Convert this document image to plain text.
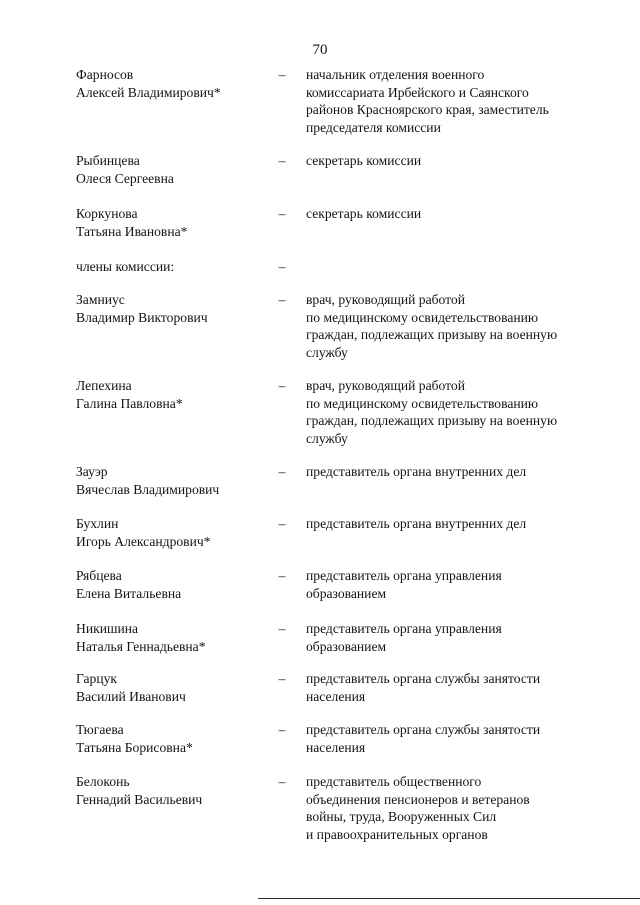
70
Фарносов
Алексей Владимирович*
– начальник отделения военного
комиссариата Ирбейского и Саянского
районов Красноярского края, заместитель
председателя комиссии
Рыбинцева
Олеся Сергеевна
– секретарь комиссии
Коркунова
Татьяна Ивановна*
– секретарь комиссии
члены комиссии:	–
Замниус
Владимир Викторович
– врач, руководящий работой
по медицинскому освидетельствованию
граждан, подлежащих призыву на военную
службу
Лепехина
Галина Павловна*
– врач, руководящий работой
по медицинскому освидетельствованию
граждан, подлежащих призыву на военную
службу
Зауэр
Вячеслав Владимирович
– представитель органа внутренних дел
Бухлин
Игорь Александрович*
– представитель органа внутренних дел
Рябцева
Елена Витальевна
– представитель органа управления
образованием
Никишина
Наталья Геннадьевна*
– представитель органа управления
образованием
Гарцук
Василий Иванович
– представитель органа службы занятости
населения
Тюгаева
Татьяна Борисовна*
– представитель органа службы занятости
населения
Белоконь
Геннадий Васильевич
– представитель общественного
объединения пенсионеров и ветеранов
войны, труда, Вооруженных Сил
и правоохранительных органов
